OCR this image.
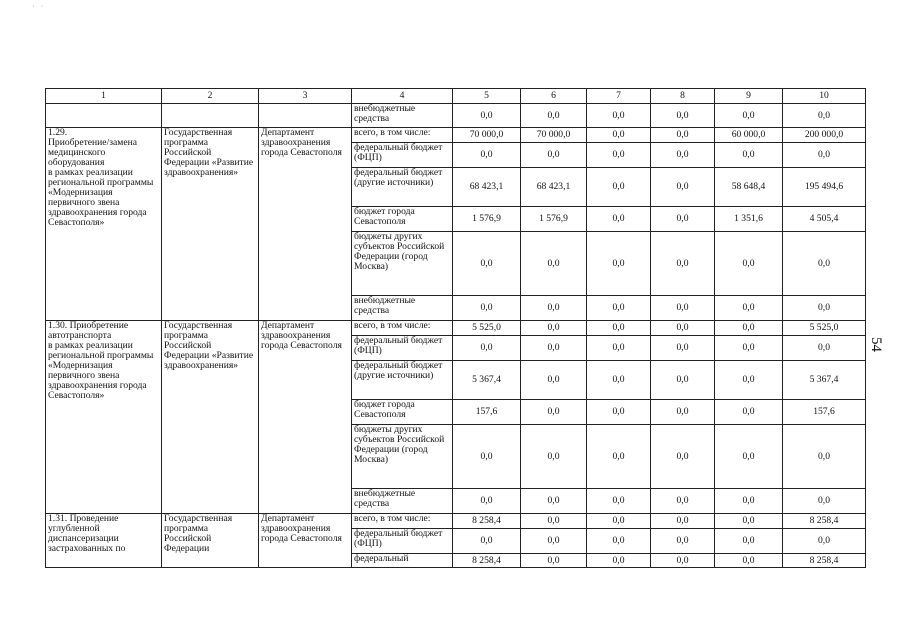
· ·
1	2	3	4	5	6	7	8	9	10
			внебюджетные средства	0,0	0,0	0,0	0,0	0,0	0,0
1.29.
Приобретение/замена медицинского оборудования
в рамках реализации региональной программы «Модернизация первичного звена здравоохранения города Севастополя»	Государственная программа Российской Федерации «Развитие здравоохранения»	Департамент здравоохранения города Севастополя	всего, в том числе:	70 000,0	70 000,0	0,0	0,0	60 000,0	200 000,0
			федеральный бюджет (ФЦП)	0,0	0,0	0,0	0,0	0,0	0,0
			федеральный бюджет (другие источники)	68 423,1	68 423,1	0,0	0,0	58 648,4	195 494,6
			бюджет города Севастополя	1 576,9	1 576,9	0,0	0,0	1 351,6	4 505,4
			бюджеты других субъектов Российской Федерации (город Москва)	0,0	0,0	0,0	0,0	0,0	0,0
			внебюджетные средства	0,0	0,0	0,0	0,0	0,0	0,0
1.30. Приобретение автотранспорта
в рамках реализации региональной программы «Модернизация первичного звена здравоохранения города Севастополя»	Государственная программа Российской Федерации «Развитие здравоохранения»	Департамент здравоохранения города Севастополя	всего, в том числе:	5 525,0	0,0	0,0	0,0	0,0	5 525,0
			федеральный бюджет (ФЦП)	0,0	0,0	0,0	0,0	0,0	0,0
			федеральный бюджет (другие источники)	5 367,4	0,0	0,0	0,0	0,0	5 367,4
			бюджет города Севастополя	157,6	0,0	0,0	0,0	0,0	157,6
			бюджеты других субъектов Российской Федерации (город Москва)	0,0	0,0	0,0	0,0	0,0	0,0
			внебюджетные средства	0,0	0,0	0,0	0,0	0,0	0,0
1.31. Проведение углубленной диспансеризации застрахованных по	Государственная программа Российской Федерации	Департамент здравоохранения города Севастополя	всего, в том числе:	8 258,4	0,0	0,0	0,0	0,0	8 258,4
			федеральный бюджет (ФЦП)	0,0	0,0	0,0	0,0	0,0	0,0
			федеральный	8 258,4	0,0	0,0	0,0	0,0	8 258,4
54
